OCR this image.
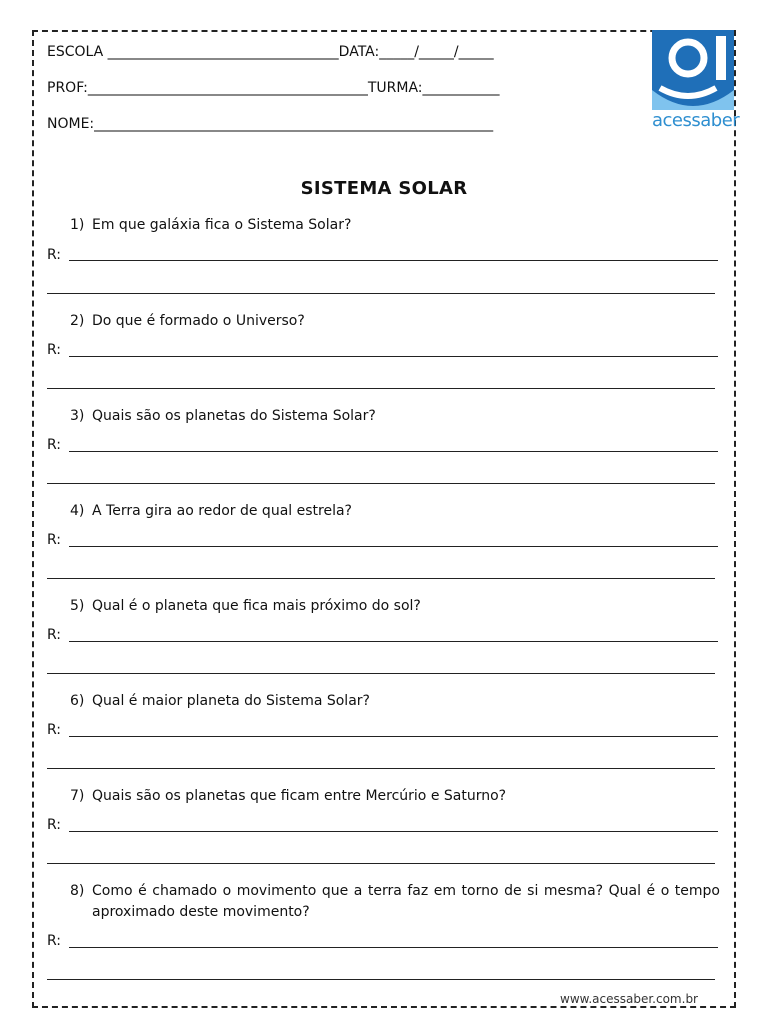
ESCOLA _________________________________DATA:_____/_____/_____
PROF:________________________________________TURMA:___________
NOME:_________________________________________________________	acessaber
SISTEMA SOLAR
1) Em que galáxia fica o Sistema Solar?
R:
2) Do que é formado o Universo?
R:
3) Quais são os planetas do Sistema Solar?
R:
4) A Terra gira ao redor de qual estrela?
R:
5) Qual é o planeta que fica mais próximo do sol?
R:
6) Qual é maior planeta do Sistema Solar?
R:
7) Quais são os planetas que ficam entre Mercúrio e Saturno?
R:
8) Como é chamado o movimento que a terra faz em torno de si mesma? Qual é o tempo aproximado deste movimento?
R:
www.acessaber.com.br
